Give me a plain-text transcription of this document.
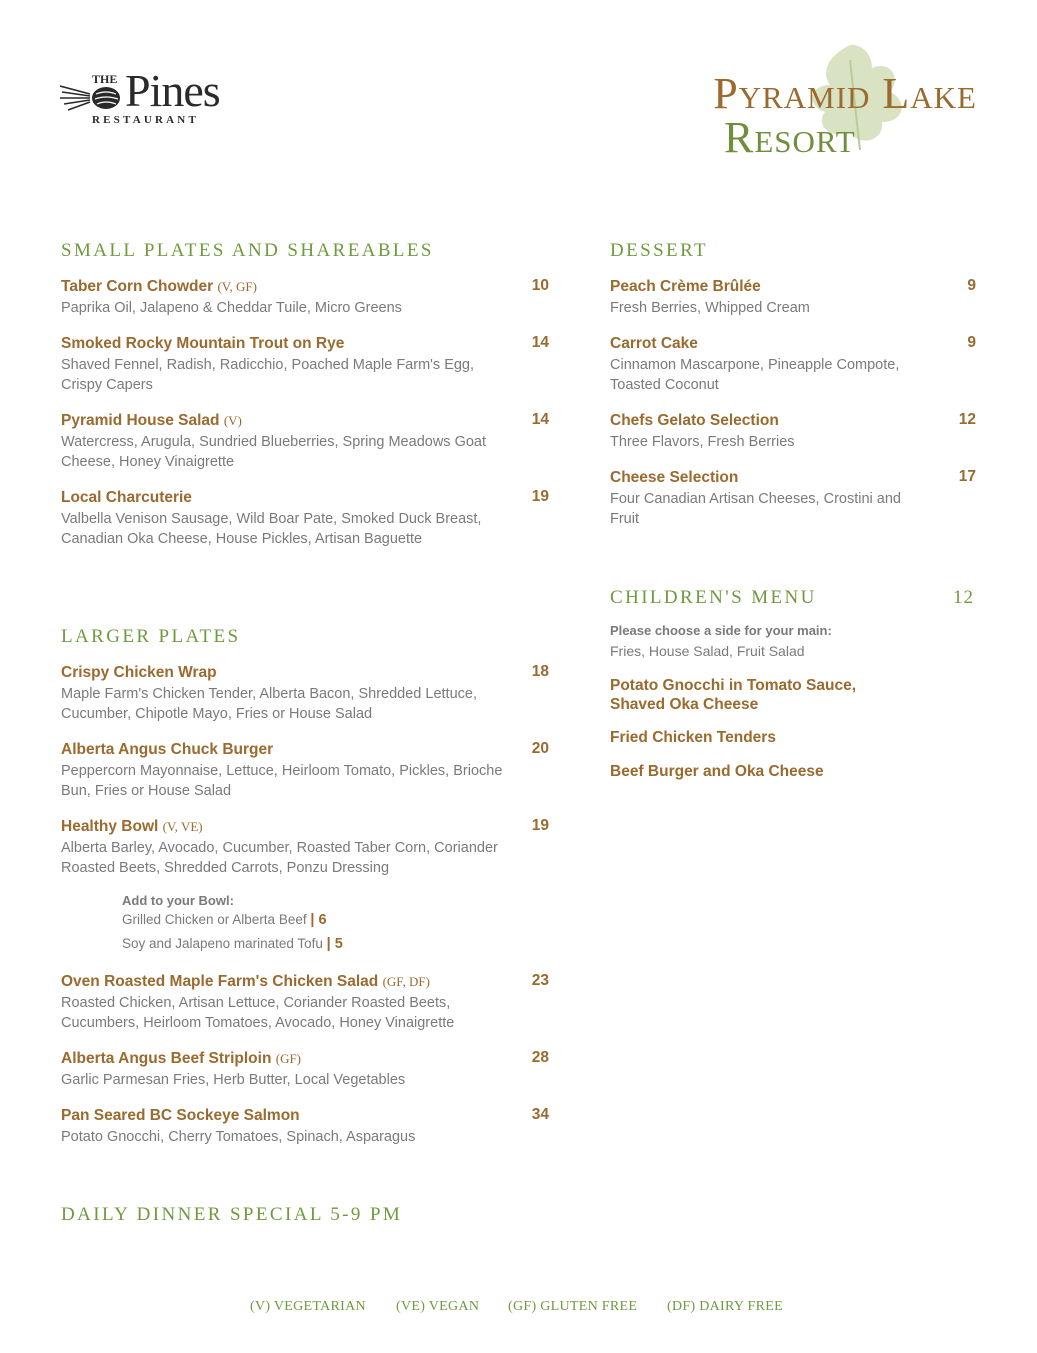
THE Pines
RESTAURANT
Pyramid Lake
Resort
SMALL PLATES AND SHAREABLES
Taber Corn Chowder (V, GF)
Paprika Oil, Jalapeno & Cheddar Tuile, Micro Greens
10
Smoked Rocky Mountain Trout on Rye
Shaved Fennel, Radish, Radicchio, Poached Maple Farm's Egg, Crispy Capers
14
Pyramid House Salad (V)
Watercress, Arugula, Sundried Blueberries, Spring Meadows Goat Cheese, Honey Vinaigrette
14
Local Charcuterie
Valbella Venison Sausage, Wild Boar Pate, Smoked Duck Breast, Canadian Oka Cheese, House Pickles, Artisan Baguette
19
LARGER PLATES
Crispy Chicken Wrap
Maple Farm's Chicken Tender, Alberta Bacon, Shredded Lettuce, Cucumber, Chipotle Mayo, Fries or House Salad
18
Alberta Angus Chuck Burger
Peppercorn Mayonnaise, Lettuce, Heirloom Tomato, Pickles, Brioche Bun, Fries or House Salad
20
Healthy Bowl (V, VE)
Alberta Barley, Avocado, Cucumber, Roasted Taber Corn, Coriander Roasted Beets, Shredded Carrots, Ponzu Dressing
19
Add to your Bowl:
Grilled Chicken or Alberta Beef | 6
Soy and Jalapeno marinated Tofu | 5
Oven Roasted Maple Farm's Chicken Salad (GF, DF)
Roasted Chicken, Artisan Lettuce, Coriander Roasted Beets, Cucumbers, Heirloom Tomatoes, Avocado, Honey Vinaigrette
23
Alberta Angus Beef Striploin (GF)
Garlic Parmesan Fries, Herb Butter, Local Vegetables
28
Pan Seared BC Sockeye Salmon
Potato Gnocchi, Cherry Tomatoes, Spinach, Asparagus
34
DAILY DINNER SPECIAL 5-9 PM
DESSERT
Peach Crème Brûlée
Fresh Berries, Whipped Cream
9
Carrot Cake
Cinnamon Mascarpone, Pineapple Compote, Toasted Coconut
9
Chefs Gelato Selection
Three Flavors, Fresh Berries
12
Cheese Selection
Four Canadian Artisan Cheeses, Crostini and Fruit
17
CHILDREN'S MENU	12
Please choose a side for your main:
Fries, House Salad, Fruit Salad
Potato Gnocchi in Tomato Sauce, Shaved Oka Cheese
Fried Chicken Tenders
Beef Burger and Oka Cheese
(V) VEGETARIAN (VE) VEGAN (GF) GLUTEN FREE (DF) DAIRY FREE
